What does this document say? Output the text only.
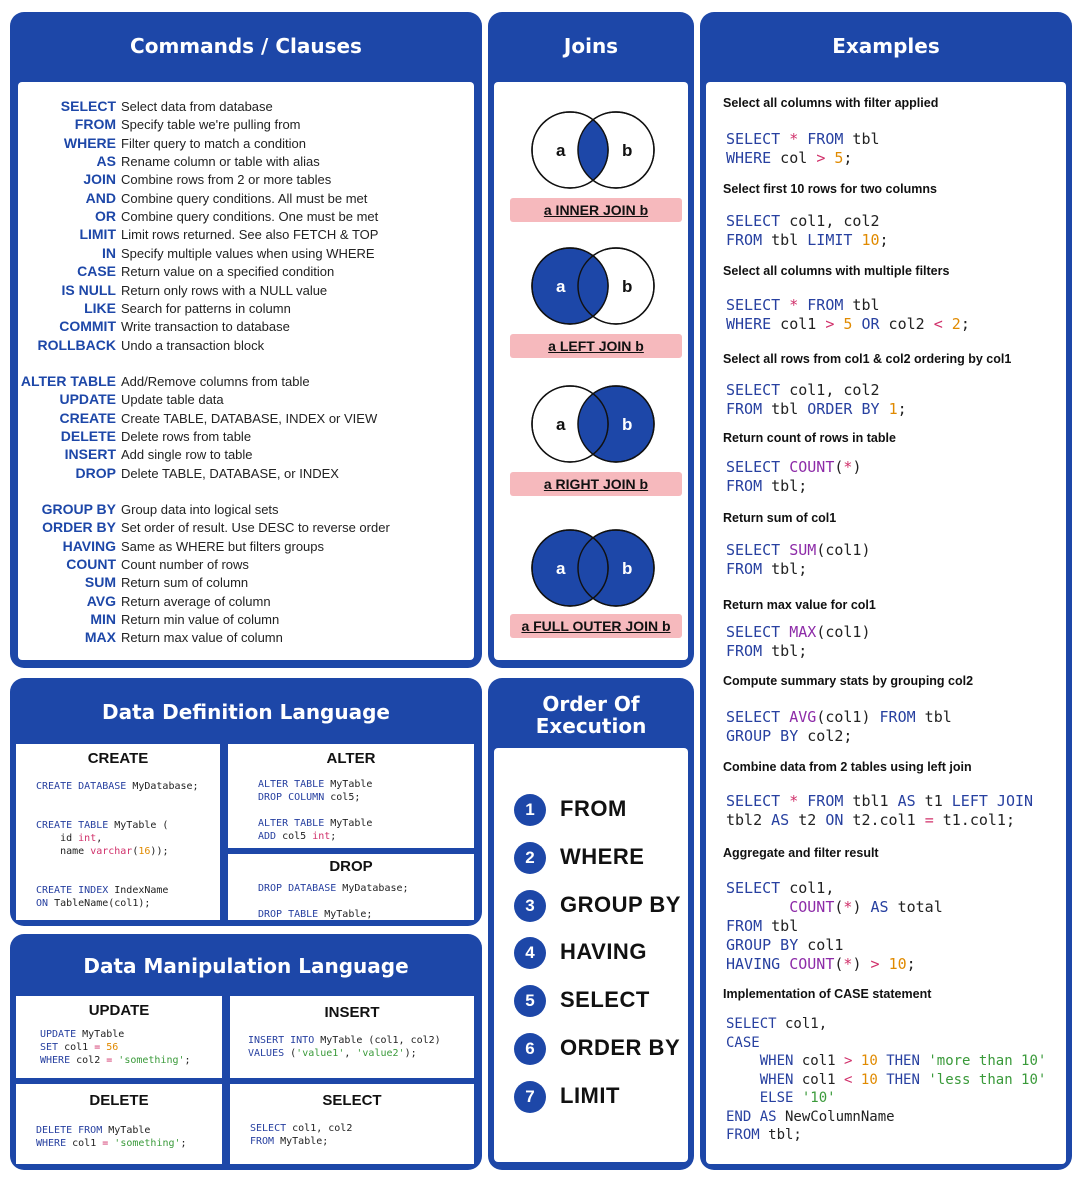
Commands / Clauses
SELECT Select data from database
FROM Specify table we're pulling from
WHERE Filter query to match a condition
AS Rename column or table with alias
JOIN Combine rows from 2 or more tables
AND Combine query conditions. All must be met
OR Combine query conditions. One must be met
LIMIT Limit rows returned. See also FETCH & TOP
IN Specify multiple values when using WHERE
CASE Return value on a specified condition
IS NULL Return only rows with a NULL value
LIKE Search for patterns in column
COMMIT Write transaction to database
ROLLBACK Undo a transaction block
ALTER TABLE Add/Remove columns from table
UPDATE Update table data
CREATE Create TABLE, DATABASE, INDEX or VIEW
DELETE Delete rows from table
INSERT Add single row to table
DROP Delete TABLE, DATABASE, or INDEX
GROUP BY Group data into logical sets
ORDER BY Set order of result. Use DESC to reverse order
HAVING Same as WHERE but filters groups
COUNT Count number of rows
SUM Return sum of column
AVG Return average of column
MIN Return min value of column
MAX Return max value of column
Joins
a	b
a INNER JOIN b
a	b
a LEFT JOIN b
a	b
a RIGHT JOIN b
a	b
a FULL OUTER JOIN b
Examples
Select all columns with filter applied
SELECT * FROM tbl
WHERE col > 5;
Select first 10 rows for two columns
SELECT col1, col2
FROM tbl LIMIT 10;
Select all columns with multiple filters
SELECT * FROM tbl
WHERE col1 > 5 OR col2 < 2;
Select all rows from col1 & col2 ordering by col1
SELECT col1, col2
FROM tbl ORDER BY 1;
Return count of rows in table
SELECT COUNT(*)
FROM tbl;
Return sum of col1
SELECT SUM(col1)
FROM tbl;
Return max value for col1
SELECT MAX(col1)
FROM tbl;
Compute summary stats by grouping col2
SELECT AVG(col1) FROM tbl
GROUP BY col2;
Combine data from 2 tables using left join
SELECT * FROM tbl1 AS t1 LEFT JOIN
tbl2 AS t2 ON t2.col1 = t1.col1;
Aggregate and filter result
SELECT col1,
COUNT(*) AS total
FROM tbl
GROUP BY col1
HAVING COUNT(*) > 10;
Implementation of CASE statement
SELECT col1,
CASE
WHEN col1 > 10 THEN 'more than 10'
WHEN col1 < 10 THEN 'less than 10'
ELSE '10'
END AS NewColumnName
FROM tbl;
Data Definition Language
CREATE
CREATE DATABASE MyDatabase;

CREATE TABLE MyTable (
id int,
name varchar(16));

CREATE INDEX IndexName
ON TableName(col1);
ALTER
ALTER TABLE MyTable
DROP COLUMN col5;

ALTER TABLE MyTable
ADD col5 int;
DROP
DROP DATABASE MyDatabase;

DROP TABLE MyTable;
Data Manipulation Language
UPDATE
UPDATE MyTable
SET col1 = 56
WHERE col2 = 'something';
INSERT
INSERT INTO MyTable (col1, col2)
VALUES ('value1', 'value2');
DELETE
DELETE FROM MyTable
WHERE col1 = 'something';
SELECT
SELECT col1, col2
FROM MyTable;
Order Of
Execution
1	FROM
2	WHERE
3	GROUP BY
4	HAVING
5	SELECT
6	ORDER BY
7	LIMIT
